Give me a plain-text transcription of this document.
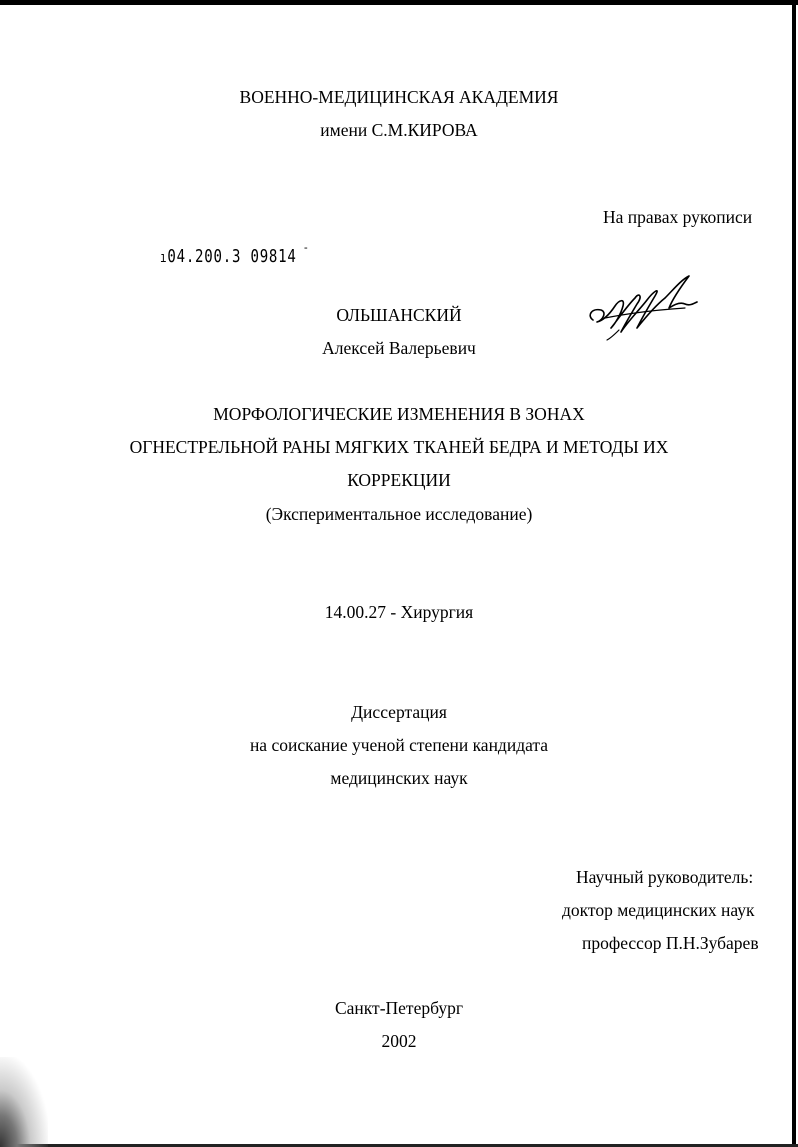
ВОЕННО-МЕДИЦИНСКАЯ АКАДЕМИЯ
имени С.М.КИРОВА
На правах рукописи
ı04.200.3 09814 $^ˉ$
ОЛЬШАНСКИЙ
Алексей Валерьевич
МОРФОЛОГИЧЕСКИЕ ИЗМЕНЕНИЯ В ЗОНАХ
ОГНЕСТРЕЛЬНОЙ РАНЫ МЯГКИХ ТКАНЕЙ БЕДРА И МЕТОДЫ ИХ
КОРРЕКЦИИ
(Экспериментальное исследование)
14.00.27 - Хирургия
Диссертация
на соискание ученой степени кандидата
медицинских наук
Научный руководитель:
доктор медицинских наук
профессор П.Н.Зубарев
Санкт-Петербург
2002
